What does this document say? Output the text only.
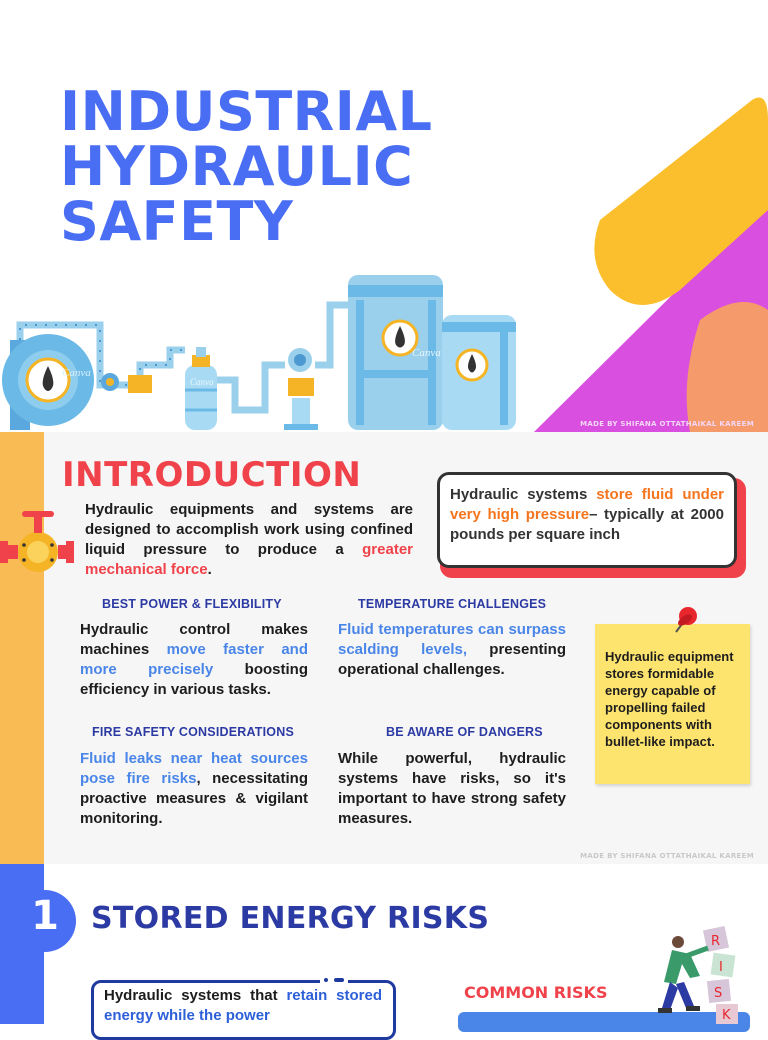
INDUSTRIAL
HYDRAULIC
SAFETY
MADE BY SHIFANA OTTATHAIKAL KAREEM
Canva
Canva
Canva
INTRODUCTION
Hydraulic equipments and systems are designed to accomplish work using confined liquid pressure to produce a greater mechanical force.
Hydraulic systems store fluid under very high pressure– typically at 2000 pounds per square inch
BEST POWER & FLEXIBILITY
Hydraulic control makes machines move faster and more precisely boosting efficiency in various tasks.
TEMPERATURE CHALLENGES
Fluid temperatures can surpass scalding levels, presenting operational challenges.
FIRE SAFETY CONSIDERATIONS
Fluid leaks near heat sources pose fire risks, necessitating proactive measures & vigilant monitoring.
BE AWARE OF DANGERS
While powerful, hydraulic systems have risks, so it's important to have strong safety measures.
Hydraulic equipment stores formidable energy capable of propelling failed components with bullet-like impact.
MADE BY SHIFANA OTTATHAIKAL KAREEM
1	STORED ENERGY RISKS
Hydraulic systems that retain stored energy while the power
COMMON RISKS
R
I
S
K
